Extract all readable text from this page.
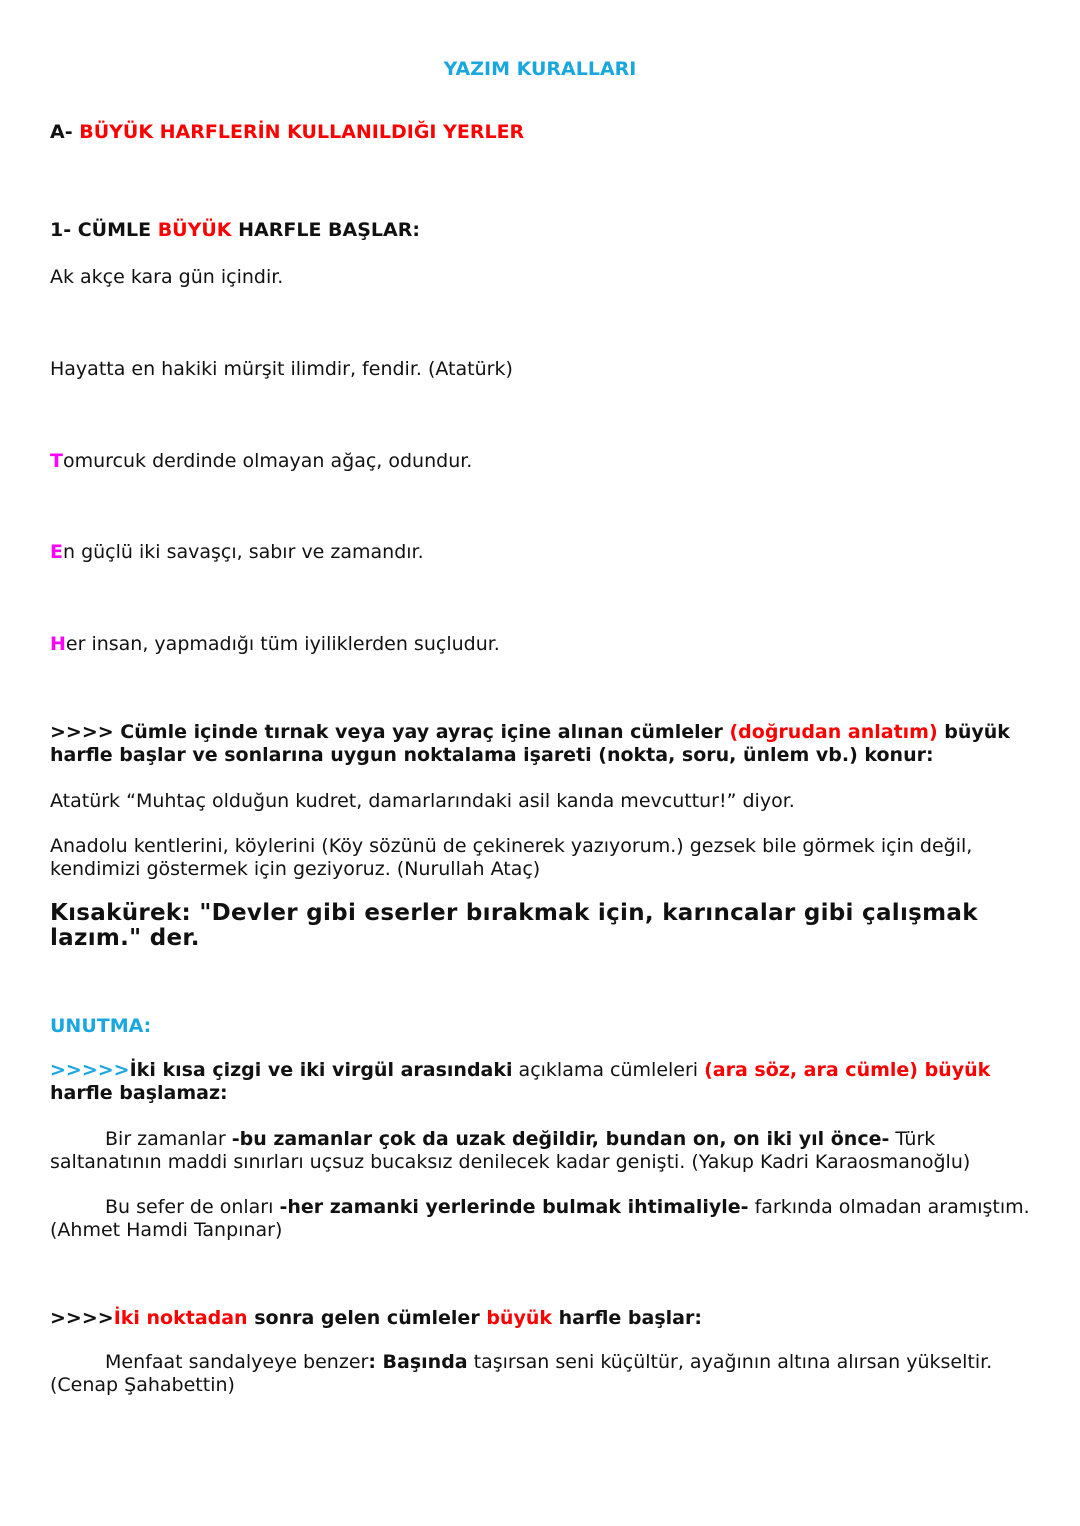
YAZIM KURALLARI
A- BÜYÜK HARFLERİN KULLANILDIĞI YERLER
1- CÜMLE BÜYÜK HARFLE BAŞLAR:
Ak akçe kara gün içindir.
Hayatta en hakiki mürşit ilimdir, fendir. (Atatürk)
Tomurcuk derdinde olmayan ağaç, odundur.
En güçlü iki savaşçı, sabır ve zamandır.
Her insan, yapmadığı tüm iyiliklerden suçludur.
>>>> Cümle içinde tırnak veya yay ayraç içine alınan cümleler (doğrudan anlatım) büyük harfle başlar ve sonlarına uygun noktalama işareti (nokta, soru, ünlem vb.) konur:
Atatürk “Muhtaç olduğun kudret, damarlarındaki asil kanda mevcuttur!” diyor.
Anadolu kentlerini, köylerini (Köy sözünü de çekinerek yazıyorum.) gezsek bile görmek için değil, kendimizi göstermek için geziyoruz. (Nurullah Ataç)
Kısakürek: "Devler gibi eserler bırakmak için, karıncalar gibi çalışmak lazım." der.
UNUTMA:
>>>>>İki kısa çizgi ve iki virgül arasındaki açıklama cümleleri (ara söz, ara cümle) büyük harfle başlamaz:
Bir zamanlar -bu zamanlar çok da uzak değildir, bundan on, on iki yıl önce- Türk saltanatının maddi sınırları uçsuz bucaksız denilecek kadar genişti. (Yakup Kadri Karaosmanoğlu)
Bu sefer de onları -her zamanki yerlerinde bulmak ihtimaliyle- farkında olmadan aramıştım. (Ahmet Hamdi Tanpınar)
>>>>İki noktadan sonra gelen cümleler büyük harfle başlar:
Menfaat sandalyeye benzer: Başında taşırsan seni küçültür, ayağının altına alırsan yükseltir. (Cenap Şahabettin)
